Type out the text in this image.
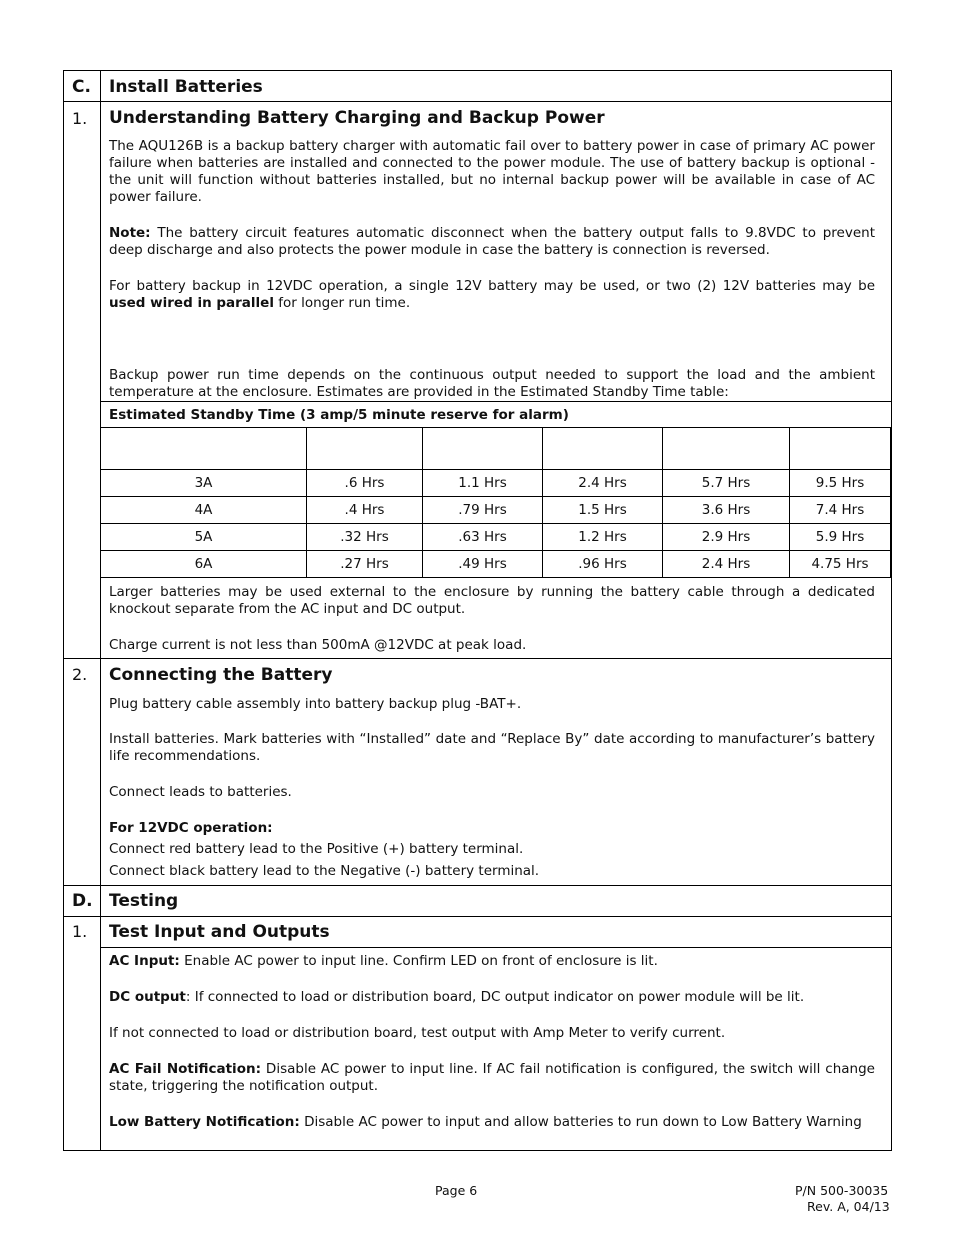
C. Install Batteries
1. Understanding Battery Charging and Backup Power

The AQU126B is a backup battery charger with automatic fail over to battery power in case of primary AC power failure when batteries are installed and connected to the power module. The use of battery backup is optional - the unit will function without batteries installed, but no internal backup power will be available in case of AC power failure.

Note: The battery circuit features automatic disconnect when the battery output falls to 9.8VDC to prevent deep discharge and also protects the power module in case the battery is connection is reversed.

For battery backup in 12VDC operation, a single 12V battery may be used, or two (2) 12V batteries may be used wired in parallel for longer run time.

Backup power run time depends on the continuous output needed to support the load and the ambient temperature at the enclosure. Estimates are provided in the Estimated Standby Time table:

Estimated Standby Time (3 amp/5 minute reserve for alarm)

3A	.6 Hrs	1.1 Hrs	2.4 Hrs	5.7 Hrs	9.5 Hrs
4A	.4 Hrs	.79 Hrs	1.5 Hrs	3.6 Hrs	7.4 Hrs
5A	.32 Hrs	.63 Hrs	1.2 Hrs	2.9 Hrs	5.9 Hrs
6A	.27 Hrs	.49 Hrs	.96 Hrs	2.4 Hrs	4.75 Hrs

Larger batteries may be used external to the enclosure by running the battery cable through a dedicated knockout separate from the AC input and DC output.

Charge current is not less than 500mA @12VDC at peak load.

2. Connecting the Battery

Plug battery cable assembly into battery backup plug -BAT+.

Install batteries. Mark batteries with “Installed” date and “Replace By” date according to manufacturer’s battery life recommendations.

Connect leads to batteries.

For 12VDC operation:

Connect red battery lead to the Positive (+) battery terminal.

Connect black battery lead to the Negative (-) battery terminal.

D. Testing
1. Test Input and Outputs

AC Input: Enable AC power to input line. Confirm LED on front of enclosure is lit.

DC output: If connected to load or distribution board, DC output indicator on power module will be lit.

If not connected to load or distribution board, test output with Amp Meter to verify current.

AC Fail Notification: Disable AC power to input line. If AC fail notification is configured, the switch will change state, triggering the notification output.

Low Battery Notification: Disable AC power to input and allow batteries to run down to Low Battery Warning

Page 6	P/N 500-30035
Rev. A, 04/13
